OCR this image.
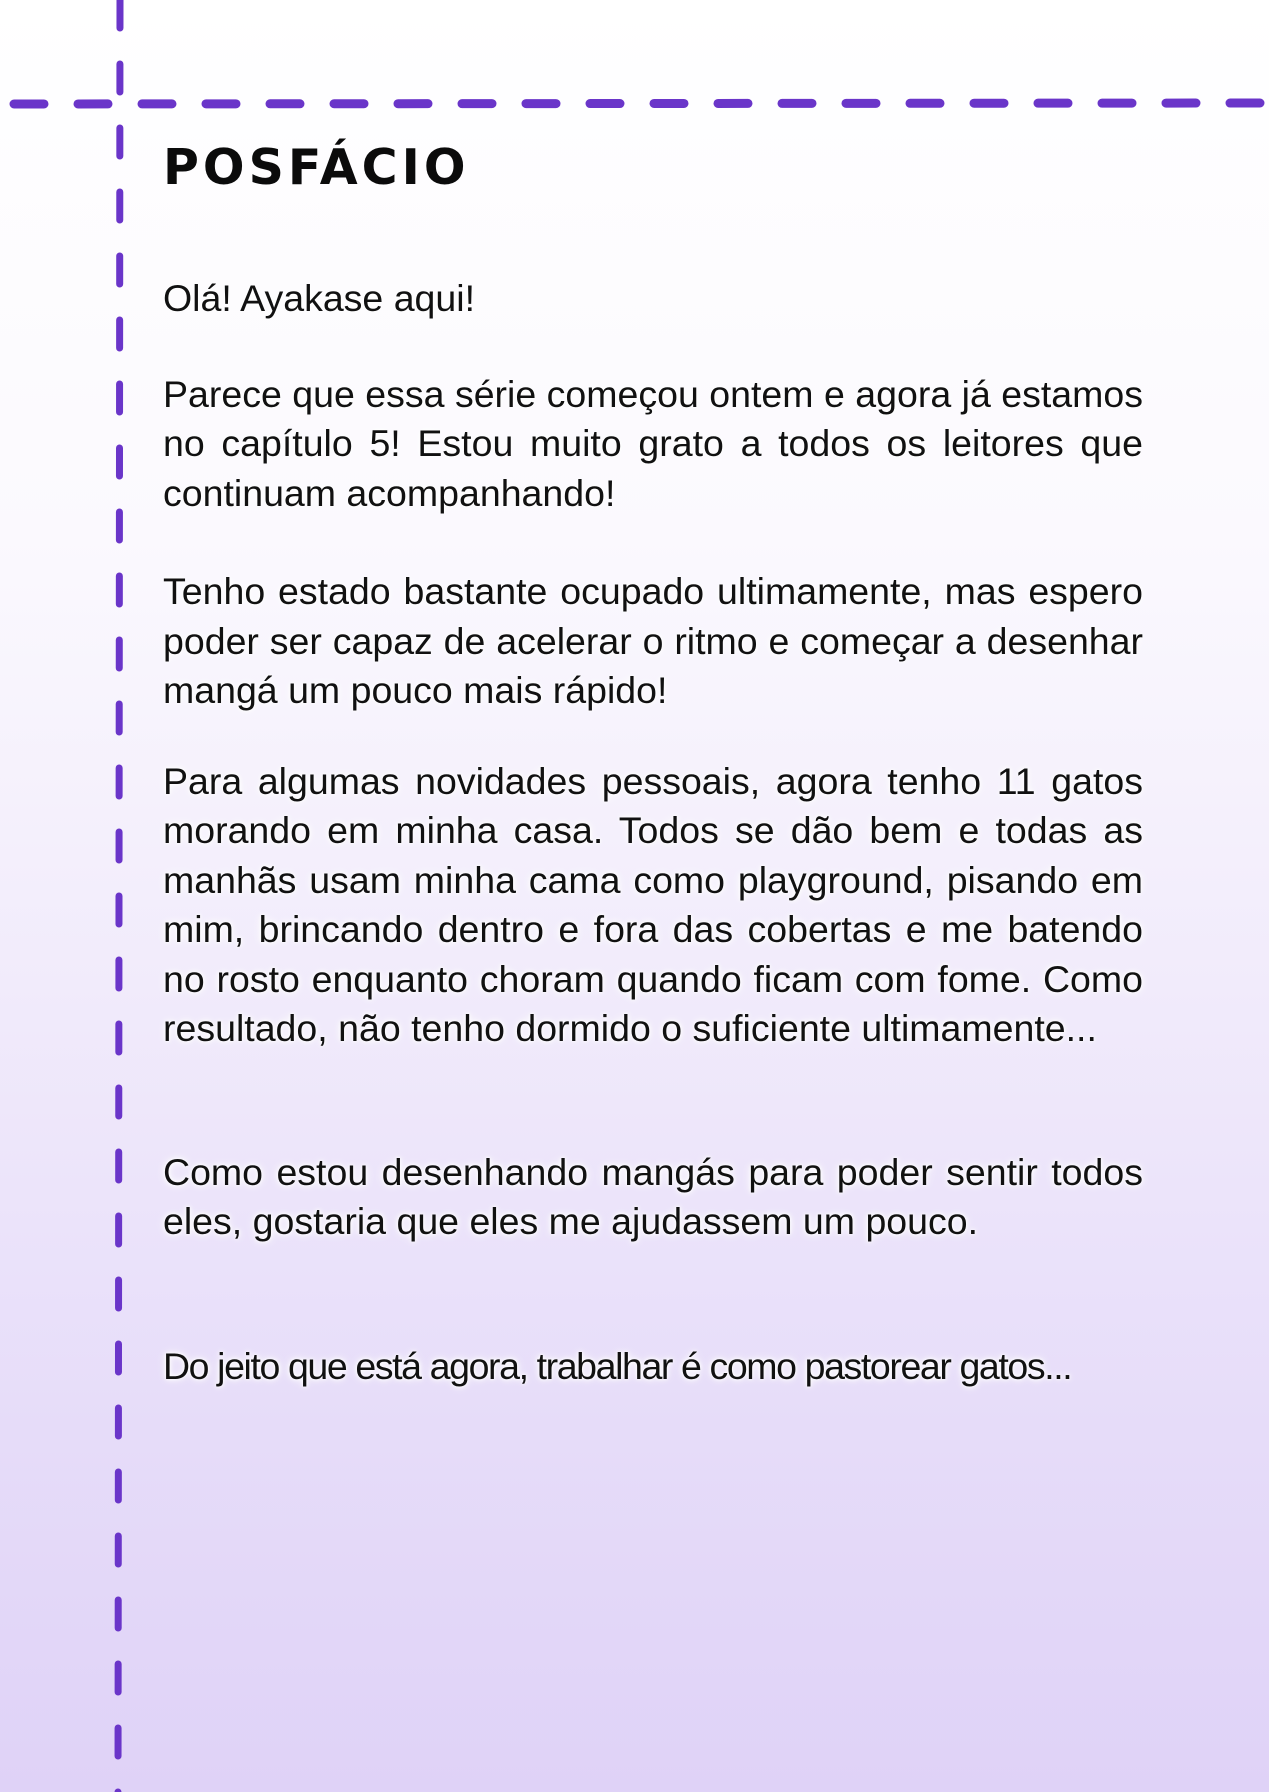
POSFÁCIO

Olá! Ayakase aqui!

Parece que essa série começou ontem e agora já estamos no capítulo 5! Estou muito grato a todos os leitores que continuam acompanhando!

Tenho estado bastante ocupado ultimamente, mas espero poder ser capaz de acelerar o ritmo e começar a desenhar mangá um pouco mais rápido!

Para algumas novidades pessoais, agora tenho 11 gatos morando em minha casa. Todos se dão bem e todas as manhãs usam minha cama como playground, pisando em mim, brincando dentro e fora das cobertas e me batendo no rosto enquanto choram quando ficam com fome. Como resultado, não tenho dormido o suficiente ultimamente...

Como estou desenhando mangás para poder sentir todos eles, gostaria que eles me ajudassem um pouco.

Do jeito que está agora, trabalhar é como pastorear gatos...
